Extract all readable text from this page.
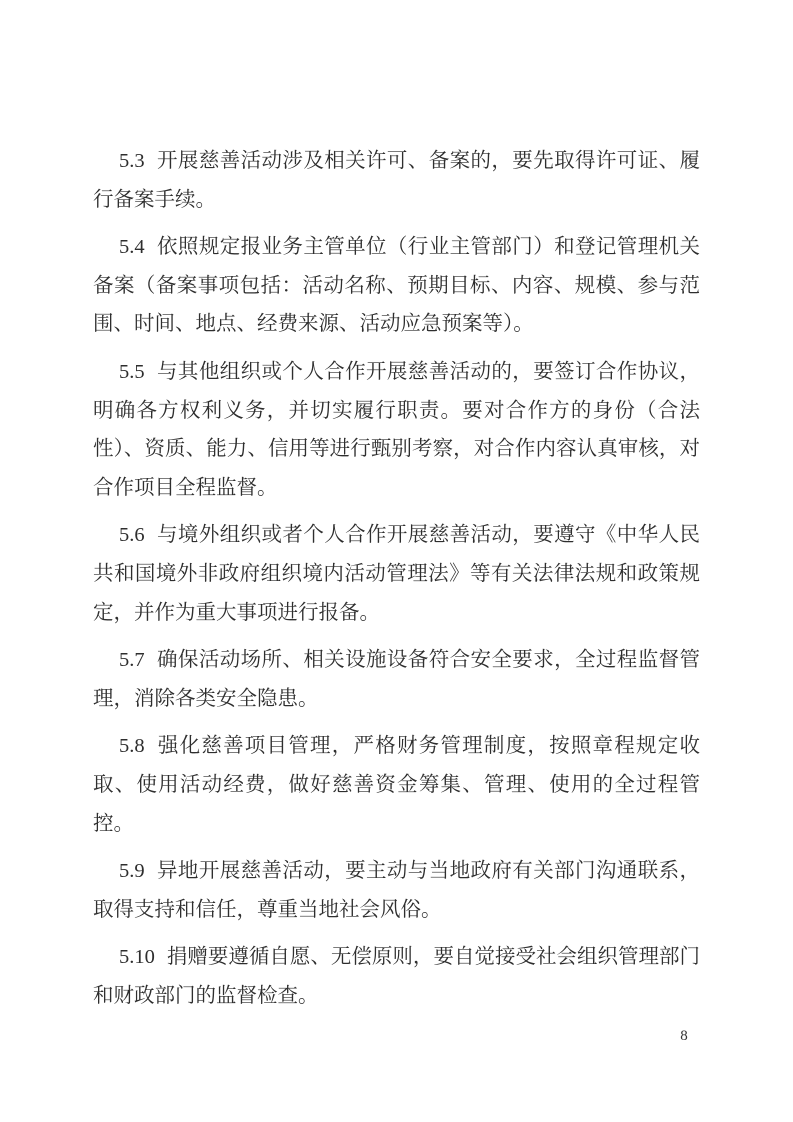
5.3 开展慈善活动涉及相关许可、备案的，要先取得许可证、履行备案手续。

5.4 依照规定报业务主管单位（行业主管部门）和登记管理机关备案（备案事项包括：活动名称、预期目标、内容、规模、参与范围、时间、地点、经费来源、活动应急预案等）。

5.5 与其他组织或个人合作开展慈善活动的，要签订合作协议，明确各方权利义务，并切实履行职责。要对合作方的身份（合法性）、资质、能力、信用等进行甄别考察，对合作内容认真审核，对合作项目全程监督。

5.6 与境外组织或者个人合作开展慈善活动，要遵守《中华人民共和国境外非政府组织境内活动管理法》等有关法律法规和政策规定，并作为重大事项进行报备。

5.7 确保活动场所、相关设施设备符合安全要求，全过程监督管理，消除各类安全隐患。

5.8 强化慈善项目管理，严格财务管理制度，按照章程规定收取、使用活动经费，做好慈善资金筹集、管理、使用的全过程管控。

5.9 异地开展慈善活动，要主动与当地政府有关部门沟通联系，取得支持和信任，尊重当地社会风俗。

5.10 捐赠要遵循自愿、无偿原则，要自觉接受社会组织管理部门和财政部门的监督检查。

8
